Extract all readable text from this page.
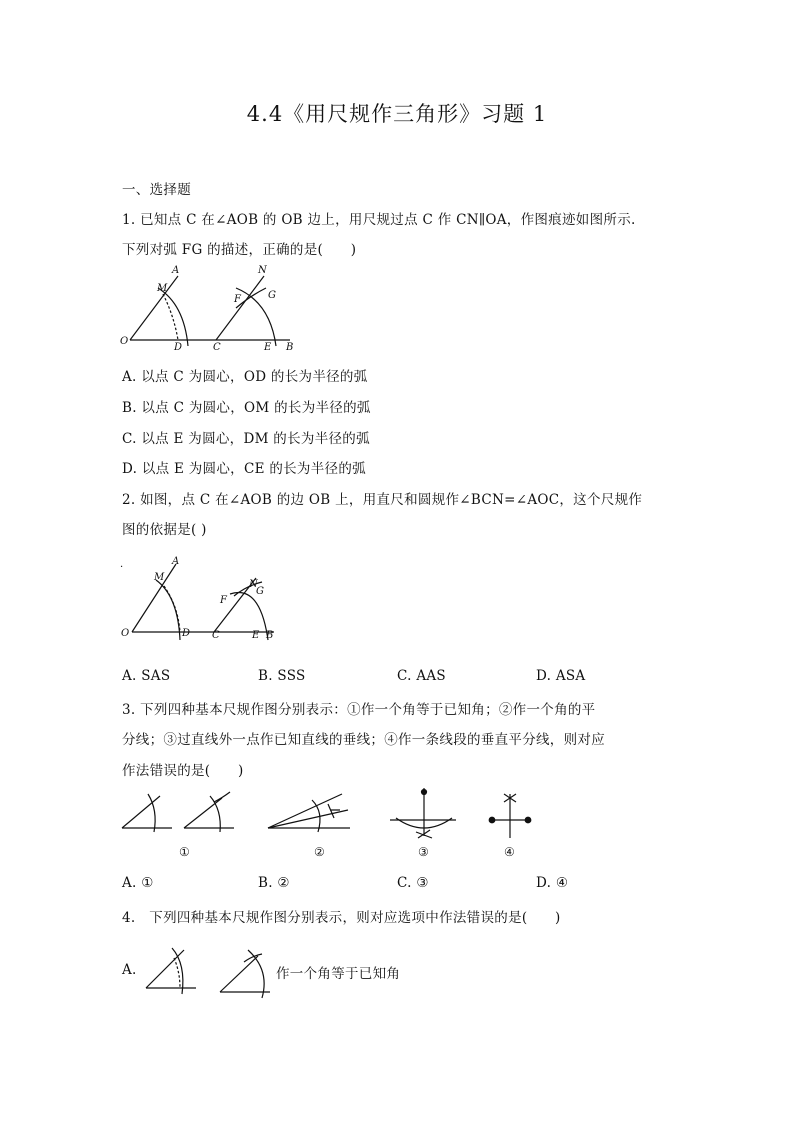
4.4《用尺规作三角形》习题 1
一、选择题
1. 已知点 C 在∠AOB 的 OB 边上，用尺规过点 C 作 CN∥OA，作图痕迹如图所示.
下列对弧 FG 的描述，正确的是(　　)
A
M
O
D
N
F	G
C	E B
A. 以点 C 为圆心，OD 的长为半径的弧
B. 以点 C 为圆心，OM 的长为半径的弧
C. 以点 E 为圆心，DM 的长为半径的弧
D. 以点 E 为圆心，CE 的长为半径的弧
2. 如图，点 C 在∠AOB 的边 OB 上，用直尺和圆规作∠BCN=∠AOC，这个尺规作
图的依据是( )
·
A
M
O	D
N
F
G
C	E B
A. SAS	B. SSS	C. AAS	D. ASA
3. 下列四种基本尺规作图分别表示：①作一个角等于已知角；②作一个角的平
分线；③过直线外一点作已知直线的垂线；④作一条线段的垂直平分线，则对应
作法错误的是(　　)
①	②	③	④
A. ①	B. ②	C. ③	D. ④
4.　下列四种基本尺规作图分别表示，则对应选项中作法错误的是(　　)
A.	作一个角等于已知角
